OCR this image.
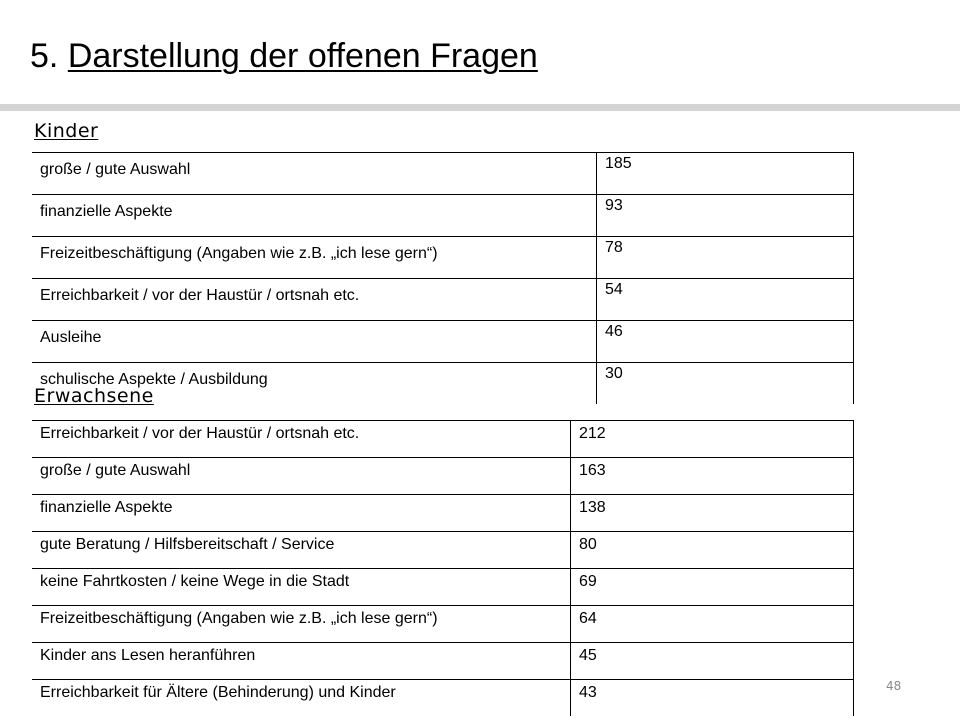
5. Darstellung der offenen Fragen
Kinder
große / gute Auswahl	185
finanzielle Aspekte	93
Freizeitbeschäftigung (Angaben wie z.B. „ich lese gern“)	78
Erreichbarkeit / vor der Haustür / ortsnah etc.	54
Ausleihe	46
schulische Aspekte / Ausbildung	30
Erwachsene
Erreichbarkeit / vor der Haustür / ortsnah etc.	212
große / gute Auswahl	163
finanzielle Aspekte	138
gute Beratung / Hilfsbereitschaft / Service	80
keine Fahrtkosten / keine Wege in die Stadt	69
Freizeitbeschäftigung (Angaben wie z.B. „ich lese gern“)	64
Kinder ans Lesen heranführen	45
Erreichbarkeit für Ältere (Behinderung) und Kinder	43	48
